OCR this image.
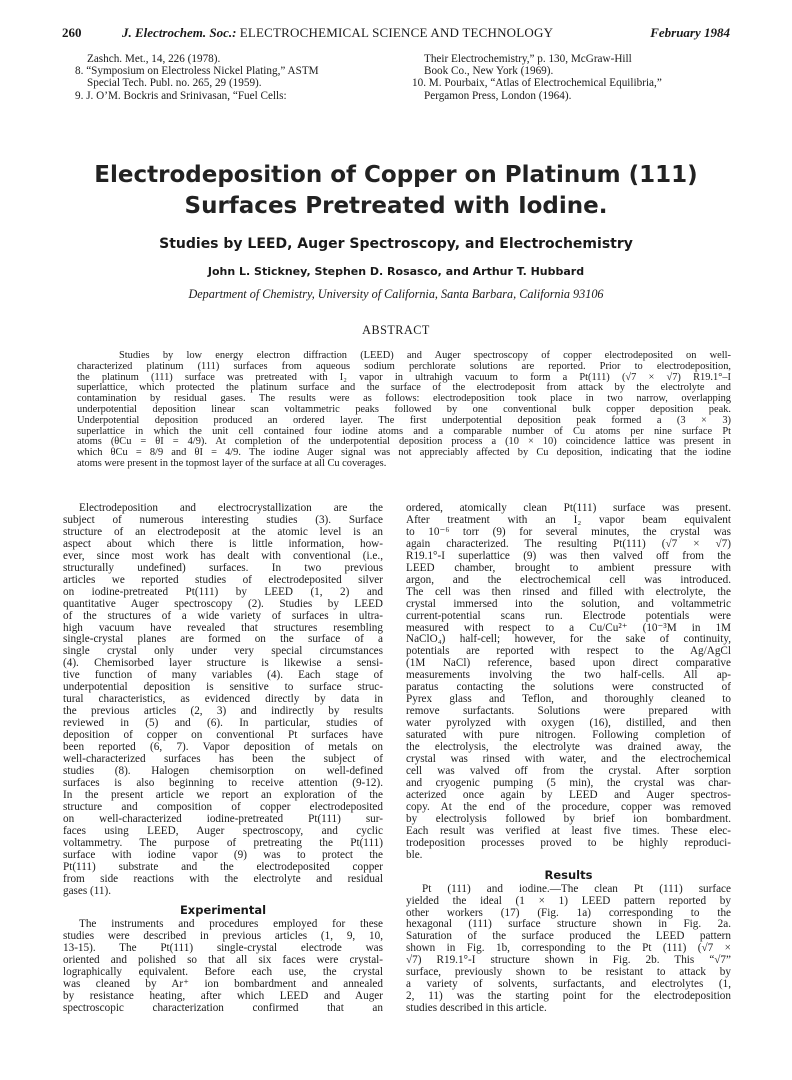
260	J. Electrochem. Soc.: ELECTROCHEMICAL SCIENCE AND TECHNOLOGY	February 1984
Zashch. Met., 14, 226 (1978).
8. “Symposium on Electroless Nickel Plating,” ASTM
Special Tech. Publ. no. 265, 29 (1959).
9. J. O’M. Bockris and Srinivasan, “Fuel Cells:
Their Electrochemistry,” p. 130, McGraw-Hill
Book Co., New York (1969).
10. M. Pourbaix, “Atlas of Electrochemical Equilibria,”
Pergamon Press, London (1964).
Electrodeposition of Copper on Platinum (111) Surfaces Pretreated with Iodine.
Studies by LEED, Auger Spectroscopy, and Electrochemistry
John L. Stickney, Stephen D. Rosasco, and Arthur T. Hubbard
Department of Chemistry, University of California, Santa Barbara, California 93106
ABSTRACT
Studies by low energy electron diffraction (LEED) and Auger spectroscopy of copper electrodeposited on well-
characterized platinum (111) surfaces from aqueous sodium perchlorate solutions are reported. Prior to electrodeposition,
the platinum (111) surface was pretreated with I₂ vapor in ultrahigh vacuum to form a Pt(111) (√7 × √7) R19.1°–I
superlattice, which protected the platinum surface and the surface of the electrodeposit from attack by the electrolyte and
contamination by residual gases. The results were as follows: electrodeposition took place in two narrow, overlapping
underpotential deposition linear scan voltammetric peaks followed by one conventional bulk copper deposition peak.
Underpotential deposition produced an ordered layer. The first underpotential deposition peak formed a (3 × 3)
superlattice in which the unit cell contained four iodine atoms and a comparable number of Cu atoms per nine surface Pt
atoms (θCu = θI = 4/9). At completion of the underpotential deposition process a (10 × 10) coincidence lattice was present in
which θCu = 8/9 and θI = 4/9. The iodine Auger signal was not appreciably affected by Cu deposition, indicating that the iodine
atoms were present in the topmost layer of the surface at all Cu coverages.
Electrodeposition and electrocrystallization are the
subject of numerous interesting studies (3). Surface
structure of an electrodeposit at the atomic level is an
aspect about which there is little information, how-
ever, since most work has dealt with conventional (i.e.,
structurally undefined) surfaces. In two previous
articles we reported studies of electrodeposited silver
on iodine-pretreated Pt(111) by LEED (1, 2) and
quantitative Auger spectroscopy (2). Studies by LEED
of the structures of a wide variety of surfaces in ultra-
high vacuum have revealed that structures resembling
single-crystal planes are formed on the surface of a
single crystal only under very special circumstances
(4). Chemisorbed layer structure is likewise a sensi-
tive function of many variables (4). Each stage of
underpotential deposition is sensitive to surface struc-
tural characteristics, as evidenced directly by data in
the previous articles (2, 3) and indirectly by results
reviewed in (5) and (6). In particular, studies of
deposition of copper on conventional Pt surfaces have
been reported (6, 7). Vapor deposition of metals on
well-characterized surfaces has been the subject of
studies (8). Halogen chemisorption on well-defined
surfaces is also beginning to receive attention (9-12).
In the present article we report an exploration of the
structure and composition of copper electrodeposited
on well-characterized iodine-pretreated Pt(111) sur-
faces using LEED, Auger spectroscopy, and cyclic
voltammetry. The purpose of pretreating the Pt(111)
surface with iodine vapor (9) was to protect the
Pt(111) substrate and the electrodeposited copper
from side reactions with the electrolyte and residual
gases (11).
Experimental
The instruments and procedures employed for these
studies were described in previous articles (1, 9, 10,
13-15). The Pt(111) single-crystal electrode was
oriented and polished so that all six faces were crystal-
lographically equivalent. Before each use, the crystal
was cleaned by Ar⁺ ion bombardment and annealed
by resistance heating, after which LEED and Auger
spectroscopic characterization confirmed that an
ordered, atomically clean Pt(111) surface was present.
After treatment with an I₂ vapor beam equivalent
to 10⁻⁶ torr (9) for several minutes, the crystal was
again characterized. The resulting Pt(111) (√7 × √7)
R19.1°-I superlattice (9) was then valved off from the
LEED chamber, brought to ambient pressure with
argon, and the electrochemical cell was introduced.
The cell was then rinsed and filled with electrolyte, the
crystal immersed into the solution, and voltammetric
current-potential scans run. Electrode potentials were
measured with respect to a Cu/Cu²⁺ (10⁻³M in 1M
NaClO₄) half-cell; however, for the sake of continuity,
potentials are reported with respect to the Ag/AgCl
(1M NaCl) reference, based upon direct comparative
measurements involving the two half-cells. All ap-
paratus contacting the solutions were constructed of
Pyrex glass and Teflon, and thoroughly cleaned to
remove surfactants. Solutions were prepared with
water pyrolyzed with oxygen (16), distilled, and then
saturated with pure nitrogen. Following completion of
the electrolysis, the electrolyte was drained away, the
crystal was rinsed with water, and the electrochemical
cell was valved off from the crystal. After sorption
and cryogenic pumping (5 min), the crystal was char-
acterized once again by LEED and Auger spectros-
copy. At the end of the procedure, copper was removed
by electrolysis followed by brief ion bombardment.
Each result was verified at least five times. These elec-
trodeposition processes proved to be highly reproduci-
ble.
Results
Pt (111) and iodine.—The clean Pt (111) surface
yielded the ideal (1 × 1) LEED pattern reported by
other workers (17) (Fig. 1a) corresponding to the
hexagonal (111) surface structure shown in Fig. 2a.
Saturation of the surface produced the LEED pattern
shown in Fig. 1b, corresponding to the Pt (111) (√7 ×
√7) R19.1°-I structure shown in Fig. 2b. This “√7”
surface, previously shown to be resistant to attack by
a variety of solvents, surfactants, and electrolytes (1,
2, 11) was the starting point for the electrodeposition
studies described in this article.
